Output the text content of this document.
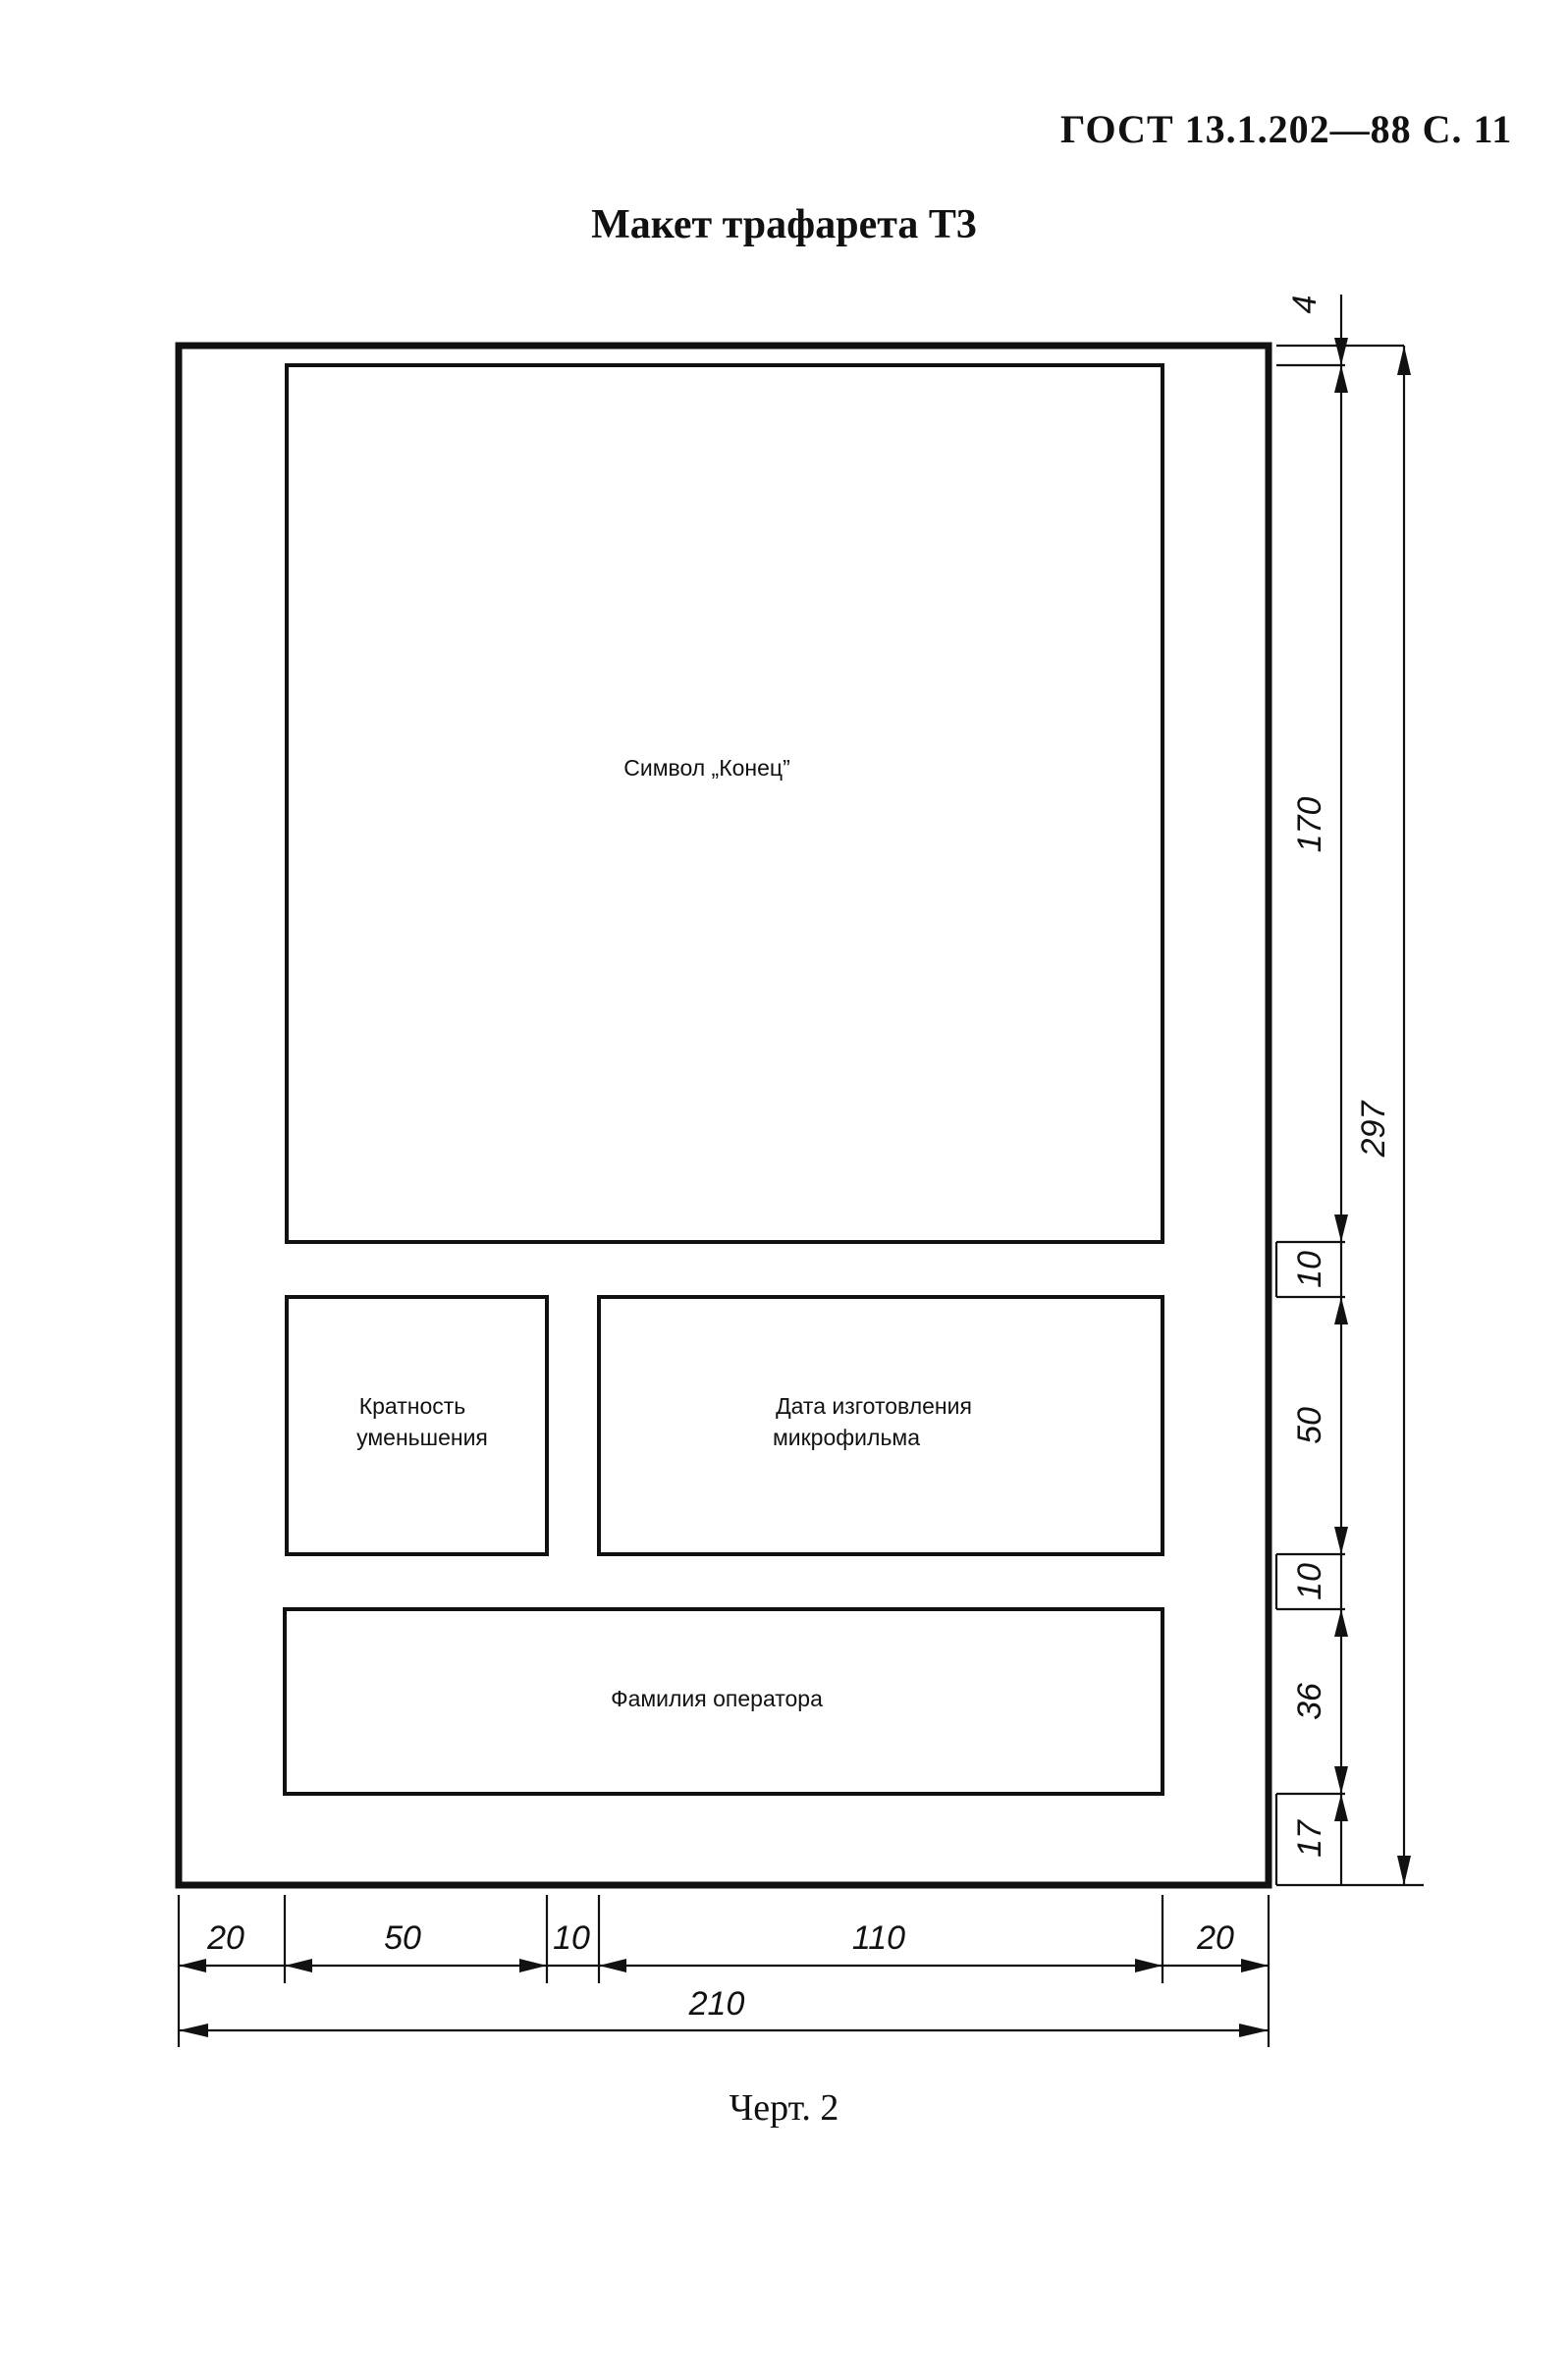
ГОСТ 13.1.202—88 С. 11
Макет трафарета Т3
Символ „Конец”
Кратность
уменьшения
Дата изготовления
микрофильма
Фамилия оператора
4
170
10
50
10
36
17
297
20	50	10	110	20
210
Черт. 2
